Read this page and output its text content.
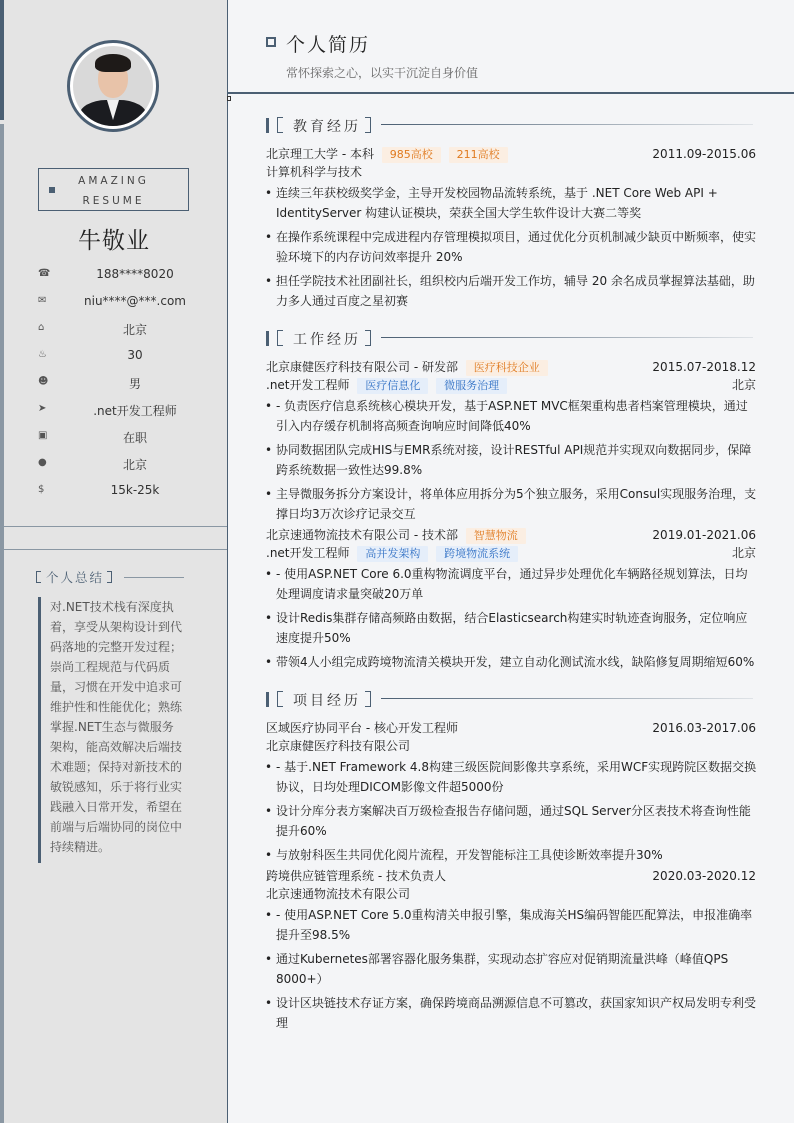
AMAZING
RESUME
牛敬业
☎	188****8020
✉	niu****@***.com
⌂	北京
♨	30
☻	男
➤	.net开发工程师
▣	在职
●	北京
$	15k-25k
个人总结
对.NET技术栈有深度执着，享受从架构设计到代码落地的完整开发过程；崇尚工程规范与代码质量，习惯在开发中追求可维护性和性能优化；熟练掌握.NET生态与微服务架构，能高效解决后端技术难题；保持对新技术的敏锐感知，乐于将行业实践融入日常开发，希望在前端与后端协同的岗位中持续精进。
个人简历
常怀探索之心，以实干沉淀自身价值
教育经历
北京理工大学 - 本科 985高校 211高校	2011.09-2015.06
计算机科学与技术
• 连续三年获校级奖学金，主导开发校园物品流转系统，基于 .NET Core Web API + IdentityServer 构建认证模块，荣获全国大学生软件设计大赛二等奖
• 在操作系统课程中完成进程内存管理模拟项目，通过优化分页机制减少缺页中断频率，使实验环境下的内存访问效率提升 20%
• 担任学院技术社团副社长，组织校内后端开发工作坊，辅导 20 余名成员掌握算法基础，助力多人通过百度之星初赛
工作经历
北京康健医疗科技有限公司 - 研发部 医疗科技企业	2015.07-2018.12
.net开发工程师 医疗信息化 微服务治理	北京
• - 负责医疗信息系统核心模块开发，基于ASP.NET MVC框架重构患者档案管理模块，通过引入内存缓存机制将高频查询响应时间降低40%
• 协同数据团队完成HIS与EMR系统对接，设计RESTful API规范并实现双向数据同步，保障跨系统数据一致性达99.8%
• 主导微服务拆分方案设计，将单体应用拆分为5个独立服务，采用Consul实现服务治理，支撑日均3万次诊疗记录交互
北京速通物流技术有限公司 - 技术部 智慧物流	2019.01-2021.06
.net开发工程师 高并发架构 跨境物流系统	北京
• - 使用ASP.NET Core 6.0重构物流调度平台，通过异步处理优化车辆路径规划算法，日均处理调度请求量突破20万单
• 设计Redis集群存储高频路由数据，结合Elasticsearch构建实时轨迹查询服务，定位响应速度提升50%
• 带领4人小组完成跨境物流清关模块开发，建立自动化测试流水线，缺陷修复周期缩短60%
项目经历
区域医疗协同平台 - 核心开发工程师	2016.03-2017.06
北京康健医疗科技有限公司
• - 基于.NET Framework 4.8构建三级医院间影像共享系统，采用WCF实现跨院区数据交换协议，日均处理DICOM影像文件超5000份
• 设计分库分表方案解决百万级检查报告存储问题，通过SQL Server分区表技术将查询性能提升60%
• 与放射科医生共同优化阅片流程，开发智能标注工具使诊断效率提升30%
跨境供应链管理系统 - 技术负责人	2020.03-2020.12
北京速通物流技术有限公司
• - 使用ASP.NET Core 5.0重构清关申报引擎，集成海关HS编码智能匹配算法，申报准确率提升至98.5%
• 通过Kubernetes部署容器化服务集群，实现动态扩容应对促销期流量洪峰（峰值QPS 8000+）
• 设计区块链技术存证方案，确保跨境商品溯源信息不可篡改，获国家知识产权局发明专利受理
